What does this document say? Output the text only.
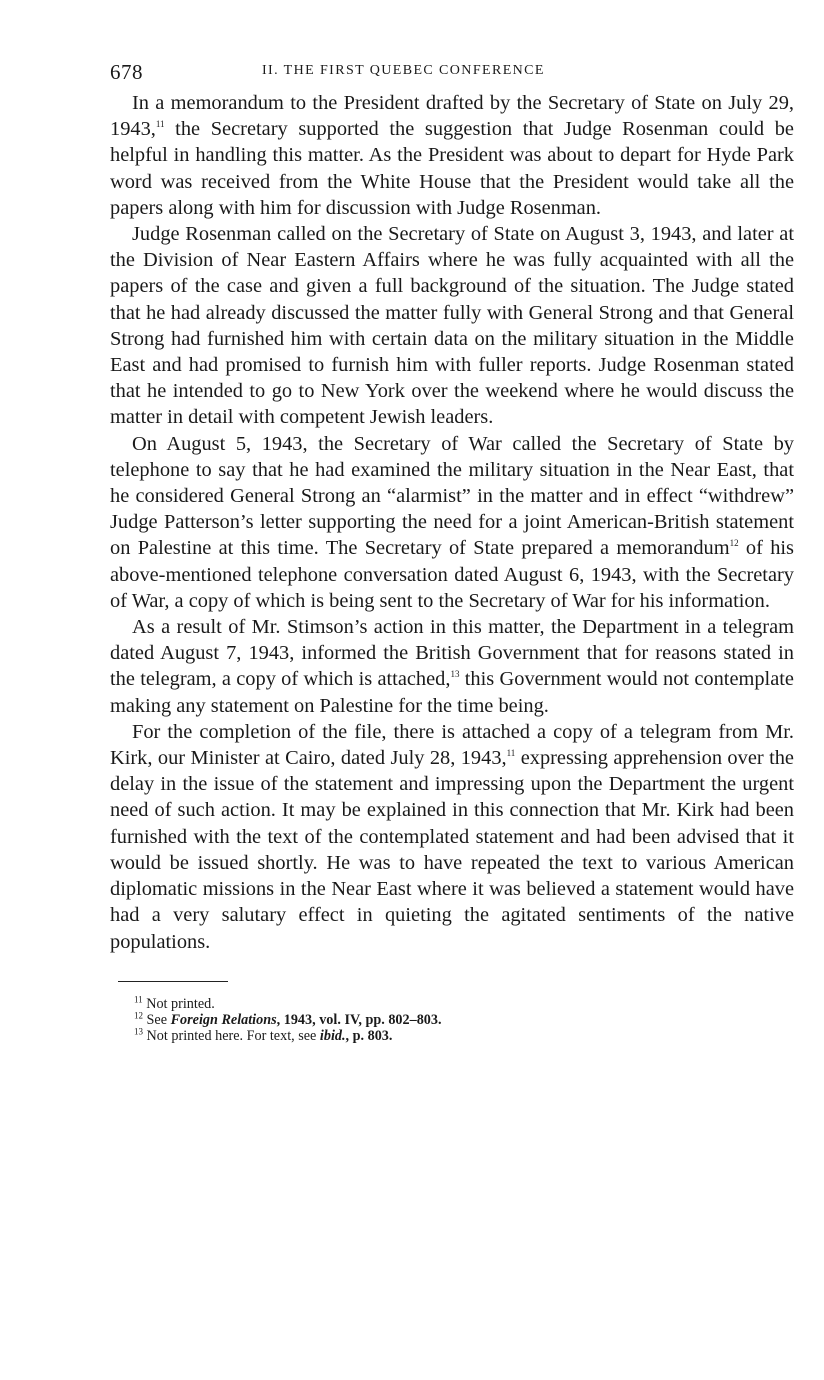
678	II. THE FIRST QUEBEC CONFERENCE

In a memorandum to the President drafted by the Secretary of State on July 29, 1943,11 the Secretary supported the suggestion that Judge Rosenman could be helpful in handling this matter. As the President was about to depart for Hyde Park word was received from the White House that the President would take all the papers along with him for discussion with Judge Rosenman.

Judge Rosenman called on the Secretary of State on August 3, 1943, and later at the Division of Near Eastern Affairs where he was fully acquainted with all the papers of the case and given a full background of the situation. The Judge stated that he had already discussed the matter fully with General Strong and that General Strong had furnished him with certain data on the military situation in the Middle East and had promised to furnish him with fuller reports. Judge Rosenman stated that he intended to go to New York over the weekend where he would discuss the matter in detail with competent Jewish leaders.

On August 5, 1943, the Secretary of War called the Secretary of State by telephone to say that he had examined the military situation in the Near East, that he considered General Strong an “alarmist” in the matter and in effect “withdrew” Judge Patterson’s letter supporting the need for a joint American-British statement on Palestine at this time. The Secretary of State prepared a memorandum$^{12}$ of his above-mentioned telephone conversation dated August 6, 1943, with the Secretary of War, a copy of which is being sent to the Secretary of War for his information.

As a result of Mr. Stimson’s action in this matter, the Department in a telegram dated August 7, 1943, informed the British Government that for reasons stated in the telegram, a copy of which is attached,$^{13}$ this Government would not contemplate making any statement on Palestine for the time being.

For the completion of the file, there is attached a copy of a telegram from Mr. Kirk, our Minister at Cairo, dated July 28, 1943,11 expressing apprehension over the delay in the issue of the statement and impressing upon the Department the urgent need of such action. It may be explained in this connection that Mr. Kirk had been furnished with the text of the contemplated statement and had been advised that it would be issued shortly. He was to have repeated the text to various American diplomatic missions in the Near East where it was believed a statement would have had a very salutary effect in quieting the agitated sentiments of the native populations.

$^{11}$ Not printed.
$^{12}$ See Foreign Relations, 1943, vol. IV, pp. 802–803.
$^{13}$ Not printed here. For text, see ibid., p. 803.
